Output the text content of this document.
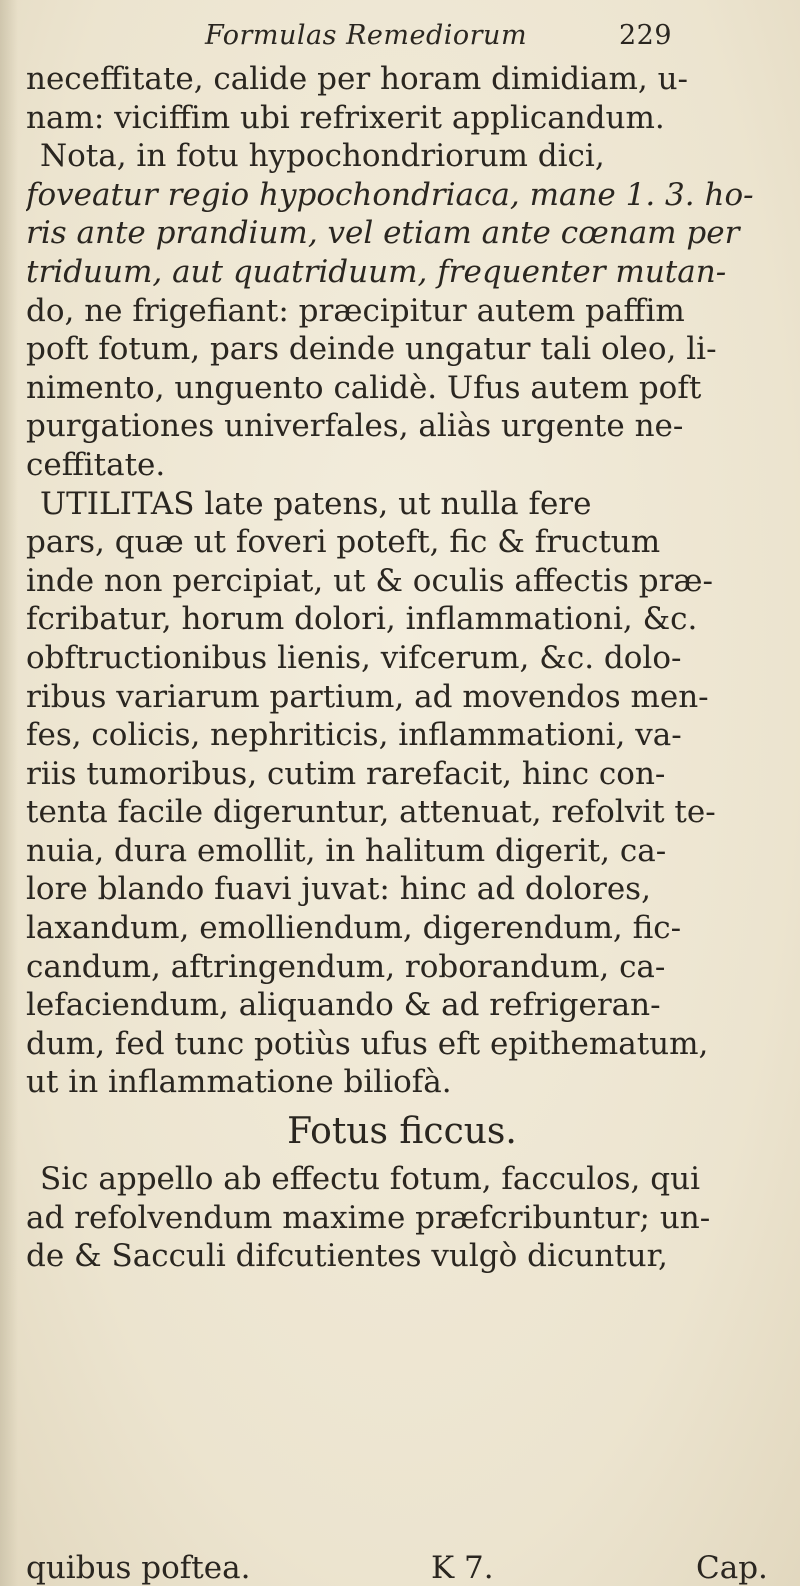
Formulas Remediorum	229
neceffitate, calide per horam dimidiam, u-
nam: viciffim ubi refrixerit applicandum.
Nota, in fotu hypochondriorum dici,
foveatur regio hypochondriaca, mane 1. 3. ho-
ris ante prandium, vel etiam ante cœnam per
triduum, aut quatriduum, frequenter mutan-
do, ne frigefiant: præcipitur autem paffim
poft fotum, pars deinde ungatur tali oleo, li-
nimento, unguento calidè. Ufus autem poft
purgationes univerfales, aliàs urgente ne-
ceffitate.
UTILITAS late patens, ut nulla fere
pars, quæ ut foveri poteft, fic & fructum
inde non percipiat, ut & oculis affectis præ-
fcribatur, horum dolori, inflammationi, &c.
obftructionibus lienis, vifcerum, &c. dolo-
ribus variarum partium, ad movendos men-
fes, colicis, nephriticis, inflammationi, va-
riis tumoribus, cutim rarefacit, hinc con-
tenta facile digeruntur, attenuat, refolvit te-
nuia, dura emollit, in halitum digerit, ca-
lore blando fuavi juvat: hinc ad dolores,
laxandum, emolliendum, digerendum, fic-
candum, aftringendum, roborandum, ca-
lefaciendum, aliquando & ad refrigeran-
dum, fed tunc potiùs ufus eft epithematum,
ut in inflammatione biliofà.
Fotus ficcus.
Sic appello ab effectu fotum, facculos, qui
ad refolvendum maxime præfcribuntur; un-
de & Sacculi difcutientes vulgò dicuntur,
quibus poftea.	K 7.	Cap.
